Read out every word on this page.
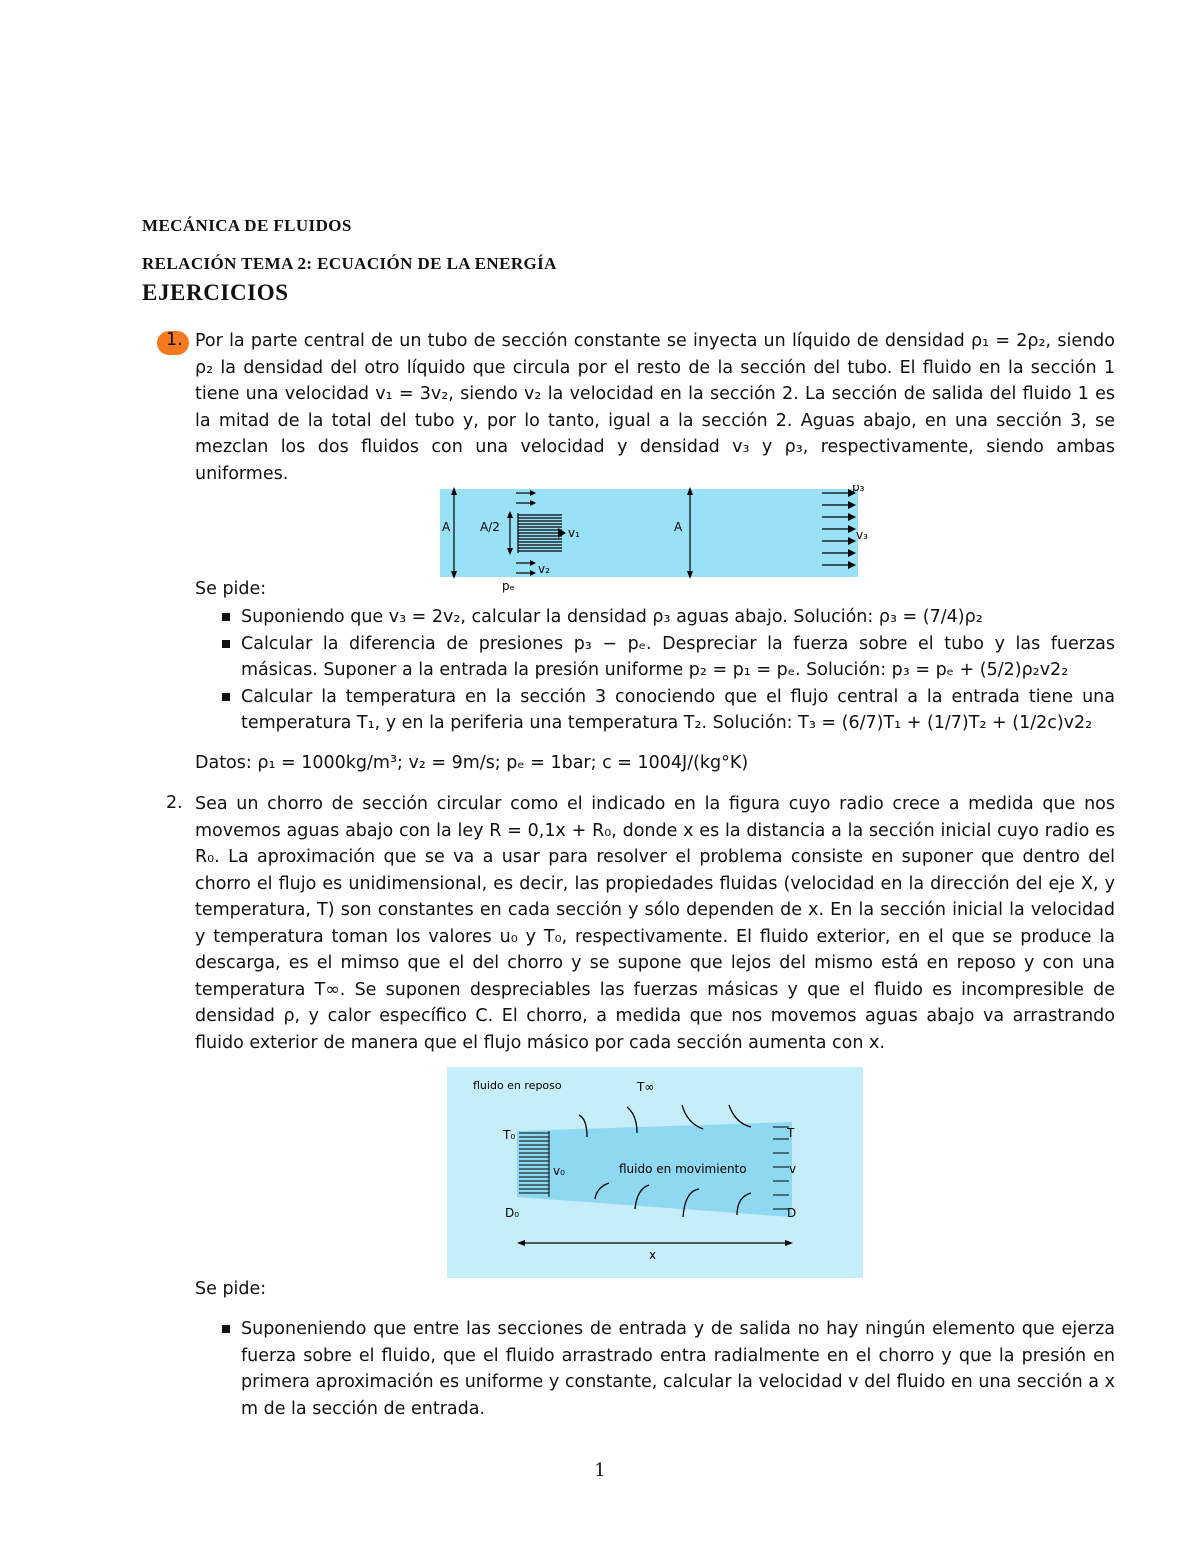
MECÁNICA DE FLUIDOS
RELACIÓN TEMA 2: ECUACIÓN DE LA ENERGÍA
EJERCICIOS
1. Por la parte central de un tubo de sección constante se inyecta un líquido de densidad ρ₁ = 2ρ₂, siendo ρ₂ la densidad del otro líquido que circula por el resto de la sección del tubo. El fluido en la sección 1 tiene una velocidad v₁ = 3v₂, siendo v₂ la velocidad en la sección 2. La sección de salida del fluido 1 es la mitad de la total del tubo y, por lo tanto, igual a la sección 2. Aguas abajo, en una sección 3, se mezclan los dos fluidos con una velocidad y densidad v₃ y ρ₃, respectivamente, siendo ambas uniformes.
A A/2	v₁
v₂
pₑ
A
p₃
v₃
Se pide:
Suponiendo que v₃ = 2v₂, calcular la densidad ρ₃ aguas abajo. Solución: ρ₃ = (7/4)ρ₂
Calcular la diferencia de presiones p₃ − pₑ. Despreciar la fuerza sobre el tubo y las fuerzas másicas. Suponer a la entrada la presión uniforme p₂ = p₁ = pₑ. Solución: p₃ = pₑ + (5/2)ρ₂v2₂
Calcular la temperatura en la sección 3 conociendo que el flujo central a la entrada tiene una temperatura T₁, y en la periferia una temperatura T₂. Solución: T₃ = (6/7)T₁ + (1/7)T₂ + (1/2c)v2₂
Datos: ρ₁ = 1000kg/m³; v₂ = 9m/s; pₑ = 1bar; c = 1004J/(kg°K)
2. Sea un chorro de sección circular como el indicado en la figura cuyo radio crece a medida que nos movemos aguas abajo con la ley R = 0,1x + R₀, donde x es la distancia a la sección inicial cuyo radio es R₀. La aproximación que se va a usar para resolver el problema consiste en suponer que dentro del chorro el flujo es unidimensional, es decir, las propiedades fluidas (velocidad en la dirección del eje X, y temperatura, T) son constantes en cada sección y sólo dependen de x. En la sección inicial la velocidad y temperatura toman los valores u₀ y T₀, respectivamente. El fluido exterior, en el que se produce la descarga, es el mimso que el del chorro y se supone que lejos del mismo está en reposo y con una temperatura T∞. Se suponen despreciables las fuerzas másicas y que el fluido es incompresible de densidad ρ, y calor específico C. El chorro, a medida que nos movemos aguas abajo va arrastrando fluido exterior de manera que el flujo másico por cada sección aumenta con x.
fluido en reposo	T∞
T₀
D₀
v₀	fluido en movimiento
T
v
D
x
Se pide:
Suponeniendo que entre las secciones de entrada y de salida no hay ningún elemento que ejerza fuerza sobre el fluido, que el fluido arrastrado entra radialmente en el chorro y que la presión en primera aproximación es uniforme y constante, calcular la velocidad v del fluido en una sección a x m de la sección de entrada.
1
